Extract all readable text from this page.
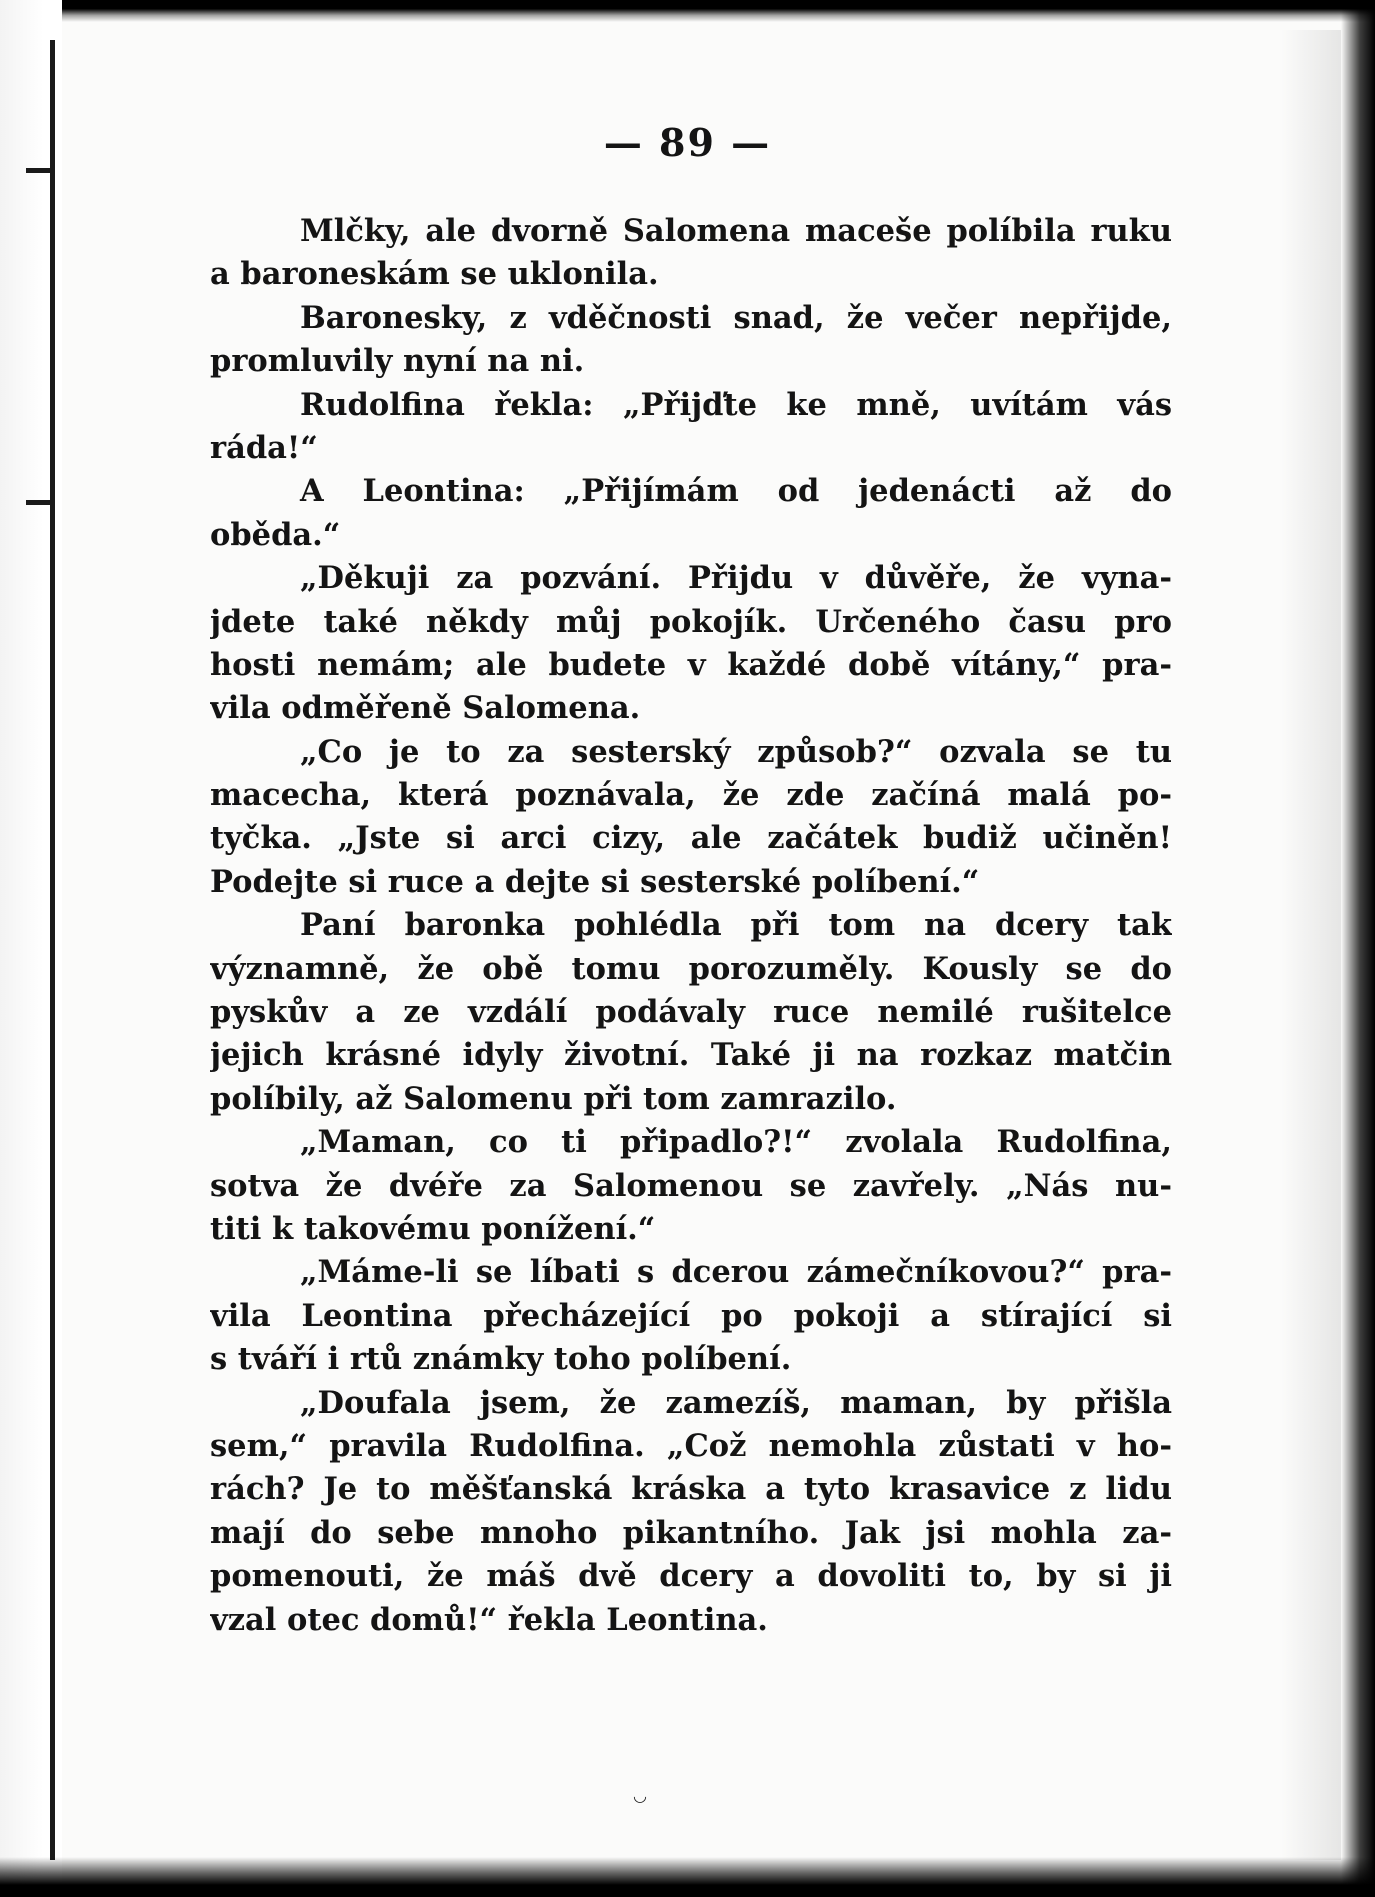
— 89 —
Mlčky, ale dvorně Salomena maceše políbila ruku
a baroneskám se uklonila.
Baronesky, z vděčnosti snad, že večer nepřijde,
promluvily nyní na ni.
Rudolfina řekla: „Přijďte ke mně, uvítám vás
ráda!“
A Leontina: „Přijímám od jedenácti až do
oběda.“
„Děkuji za pozvání. Přijdu v důvěře, že vyna-
jdete také někdy můj pokojík. Určeného času pro
hosti nemám; ale budete v každé době vítány,“ pra-
vila odměřeně Salomena.
„Co je to za sesterský způsob?“ ozvala se tu
macecha, která poznávala, že zde začíná malá po-
tyčka. „Jste si arci cizy, ale začátek budiž učiněn!
Podejte si ruce a dejte si sesterské políbení.“
Paní baronka pohlédla při tom na dcery tak
významně, že obě tomu porozuměly. Kously se do
pyskův a ze vzdálí podávaly ruce nemilé rušitelce
jejich krásné idyly životní. Také ji na rozkaz matčin
políbily, až Salomenu při tom zamrazilo.
„Maman, co ti připadlo?!“ zvolala Rudolfina,
sotva že dvéře za Salomenou se zavřely. „Nás nu-
titi k takovému ponížení.“
„Máme-li se líbati s dcerou zámečníkovou?“ pra-
vila Leontina přecházející po pokoji a stírající si
s tváří i rtů známky toho políbení.
„Doufala jsem, že zamezíš, maman, by přišla
sem,“ pravila Rudolfina. „Což nemohla zůstati v ho-
rách? Je to měšťanská kráska a tyto krasavice z lidu
mají do sebe mnoho pikantního. Jak jsi mohla za-
pomenouti, že máš dvě dcery a dovoliti to, by si ji
vzal otec domů!“ řekla Leontina.
◡
